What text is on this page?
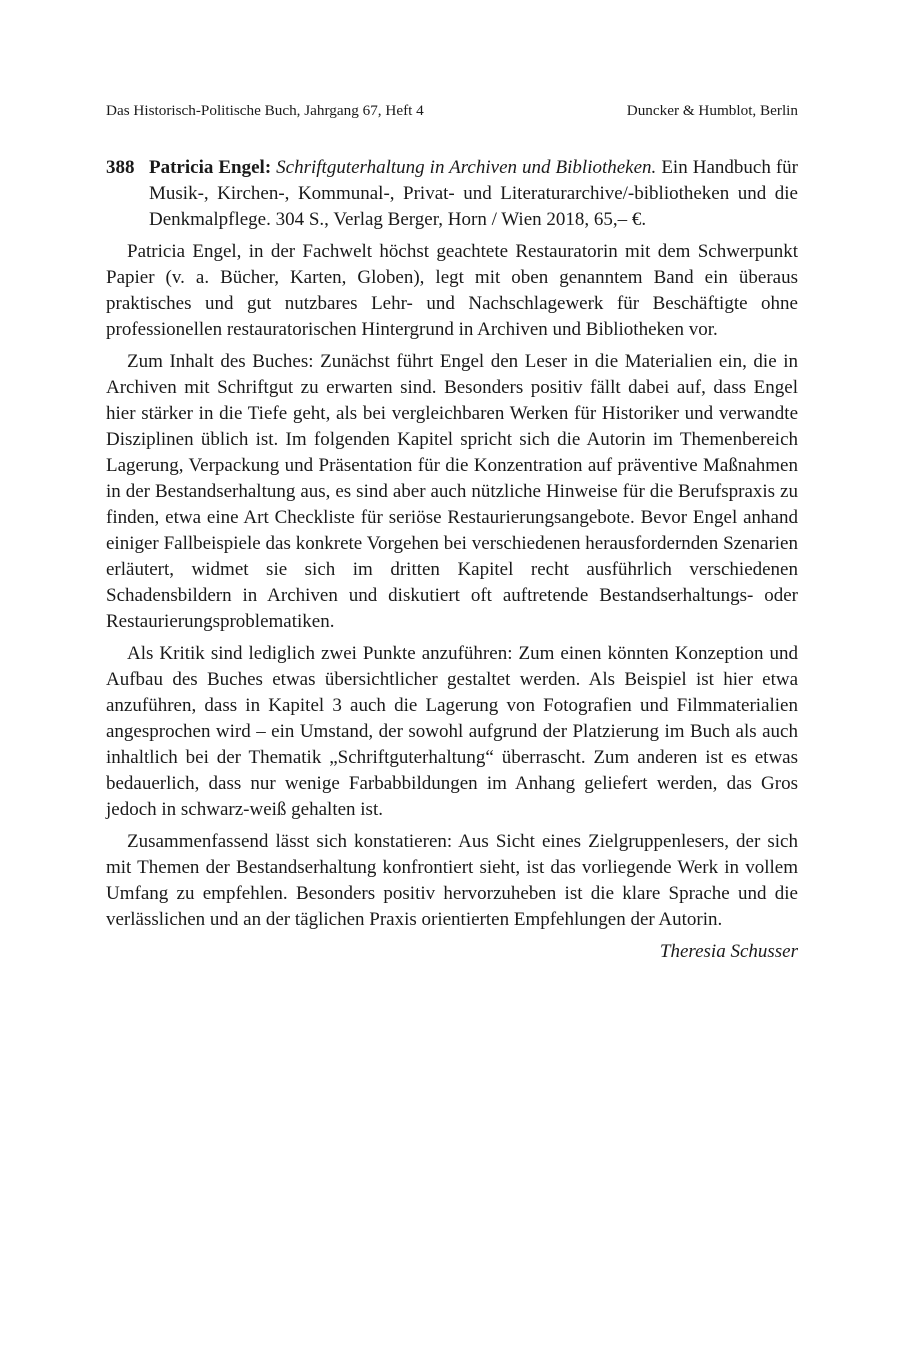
Das Historisch-Politische Buch, Jahrgang 67, Heft 4	Duncker & Humblot, Berlin
388 Patricia Engel: Schriftguterhaltung in Archiven und Bibliotheken. Ein Handbuch für Musik-, Kirchen-, Kommunal-, Privat- und Literaturarchive/-bibliotheken und die Denkmalpflege. 304 S., Verlag Berger, Horn / Wien 2018, 65,– €.

Patricia Engel, in der Fachwelt höchst geachtete Restauratorin mit dem Schwerpunkt Papier (v. a. Bücher, Karten, Globen), legt mit oben genanntem Band ein überaus praktisches und gut nutzbares Lehr- und Nachschlagewerk für Beschäftigte ohne professionellen restauratorischen Hintergrund in Archiven und Bibliotheken vor.

Zum Inhalt des Buches: Zunächst führt Engel den Leser in die Materialien ein, die in Archiven mit Schriftgut zu erwarten sind. Besonders positiv fällt dabei auf, dass Engel hier stärker in die Tiefe geht, als bei vergleichbaren Werken für Historiker und verwandte Disziplinen üblich ist. Im folgenden Kapitel spricht sich die Autorin im Themenbereich Lagerung, Verpackung und Präsentation für die Konzentration auf präventive Maßnahmen in der Bestandserhaltung aus, es sind aber auch nützliche Hinweise für die Berufspraxis zu finden, etwa eine Art Checkliste für seriöse Restaurierungsangebote. Bevor Engel anhand einiger Fallbeispiele das konkrete Vorgehen bei verschiedenen herausfordernden Szenarien erläutert, widmet sie sich im dritten Kapitel recht ausführlich verschiedenen Schadensbildern in Archiven und diskutiert oft auftretende Bestandserhaltungs- oder Restaurierungsproblematiken.

Als Kritik sind lediglich zwei Punkte anzuführen: Zum einen könnten Konzeption und Aufbau des Buches etwas übersichtlicher gestaltet werden. Als Beispiel ist hier etwa anzuführen, dass in Kapitel 3 auch die Lagerung von Fotografien und Filmmaterialien angesprochen wird – ein Umstand, der sowohl aufgrund der Platzierung im Buch als auch inhaltlich bei der Thematik „Schriftguterhaltung“ überrascht. Zum anderen ist es etwas bedauerlich, dass nur wenige Farbabbildungen im Anhang geliefert werden, das Gros jedoch in schwarz-weiß gehalten ist.

Zusammenfassend lässt sich konstatieren: Aus Sicht eines Zielgruppenlesers, der sich mit Themen der Bestandserhaltung konfrontiert sieht, ist das vorliegende Werk in vollem Umfang zu empfehlen. Besonders positiv hervorzuheben ist die klare Sprache und die verlässlichen und an der täglichen Praxis orientierten Empfehlungen der Autorin.

Theresia Schusser
